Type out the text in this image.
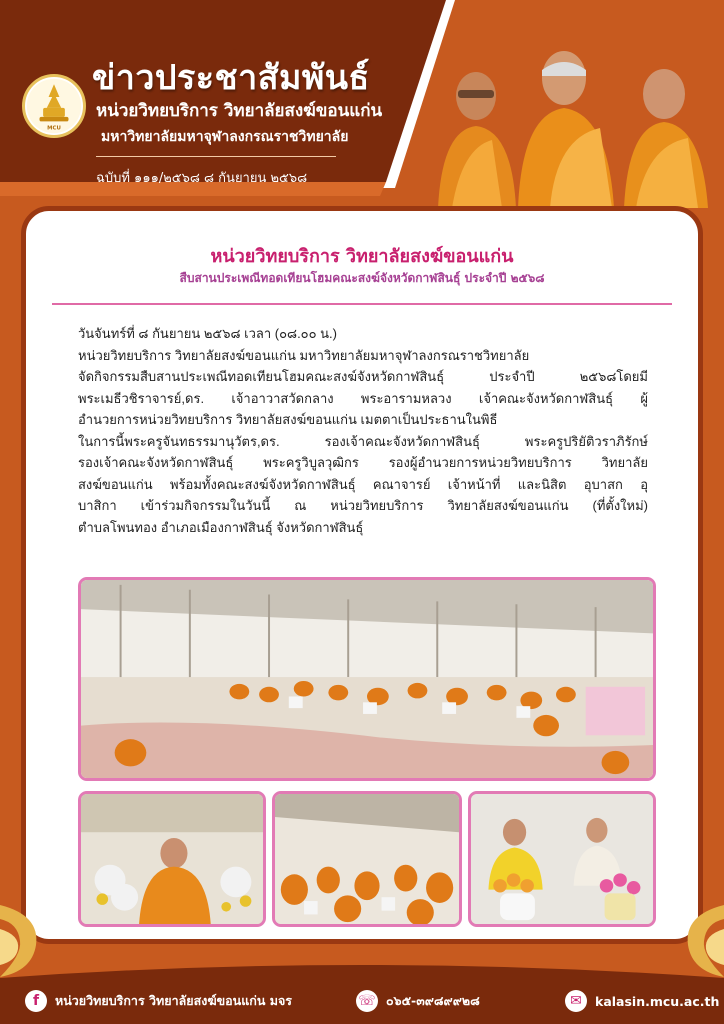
MCU
ข่าวประชาสัมพันธ์

หน่วยวิทยบริการ วิทยาลัยสงฆ์ขอนแก่น

มหาวิทยาลัยมหาจุฬาลงกรณราชวิทยาลัย

ฉบับที่ ๑๑๑/๒๕๖๘ ๘ กันยายน ๒๕๖๘

หน่วยวิทยบริการ วิทยาลัยสงฆ์ขอนแก่น

สืบสานประเพณีทอดเทียนโฮมคณะสงฆ์จังหวัดกาฬสินธุ์ ประจำปี ๒๕๖๘

วันจันทร์ที่ ๘ กันยายน ๒๕๖๘ เวลา (๐๘.๐๐ น.)

หน่วยวิทยบริการ วิทยาลัยสงฆ์ขอนแก่น มหาวิทยาลัยมหาจุฬาลงกรณราชวิทยาลัย

จัดกิจกรรมสืบสานประเพณีทอดเทียนโฮมคณะสงฆ์จังหวัดกาฬสินธุ์ ประจำปี ๒๕๖๘โดยมี

พระเมธีวชิราจารย์,ดร. เจ้าอาวาสวัดกลาง พระอารามหลวง เจ้าคณะจังหวัดกาฬสินธุ์ ผู้

อำนวยการหน่วยวิทยบริการ วิทยาลัยสงฆ์ขอนแก่น เมตตาเป็นประธานในพิธี

ในการนี้พระครูจันทธรรมานุวัตร,ดร. รองเจ้าคณะจังหวัดกาฬสินธุ์ พระครูปริยัติวราภิรักษ์

รองเจ้าคณะจังหวัดกาฬสินธุ์ พระครูวิบูลวุฒิกร รองผู้อำนวยการหน่วยวิทยบริการ วิทยาลัย

สงฆ์ขอนแก่น พร้อมทั้งคณะสงฆ์จังหวัดกาฬสินธุ์ คณาจารย์ เจ้าหน้าที่ และนิสิต อุบาสก อุ

บาสิกา เข้าร่วมกิจกรรมในวันนี้ ณ หน่วยวิทยบริการ วิทยาลัยสงฆ์ขอนแก่น (ที่ตั้งใหม่)

ตำบลโพนทอง อำเภอเมืองกาฬสินธุ์ จังหวัดกาฬสินธุ์

f	หน่วยวิทยบริการ วิทยาลัยสงฆ์ขอนแก่น มจร	☏ ๐๖๕-๓๙๘๙๙๒๘	✉	kalasin.mcu.ac.th
